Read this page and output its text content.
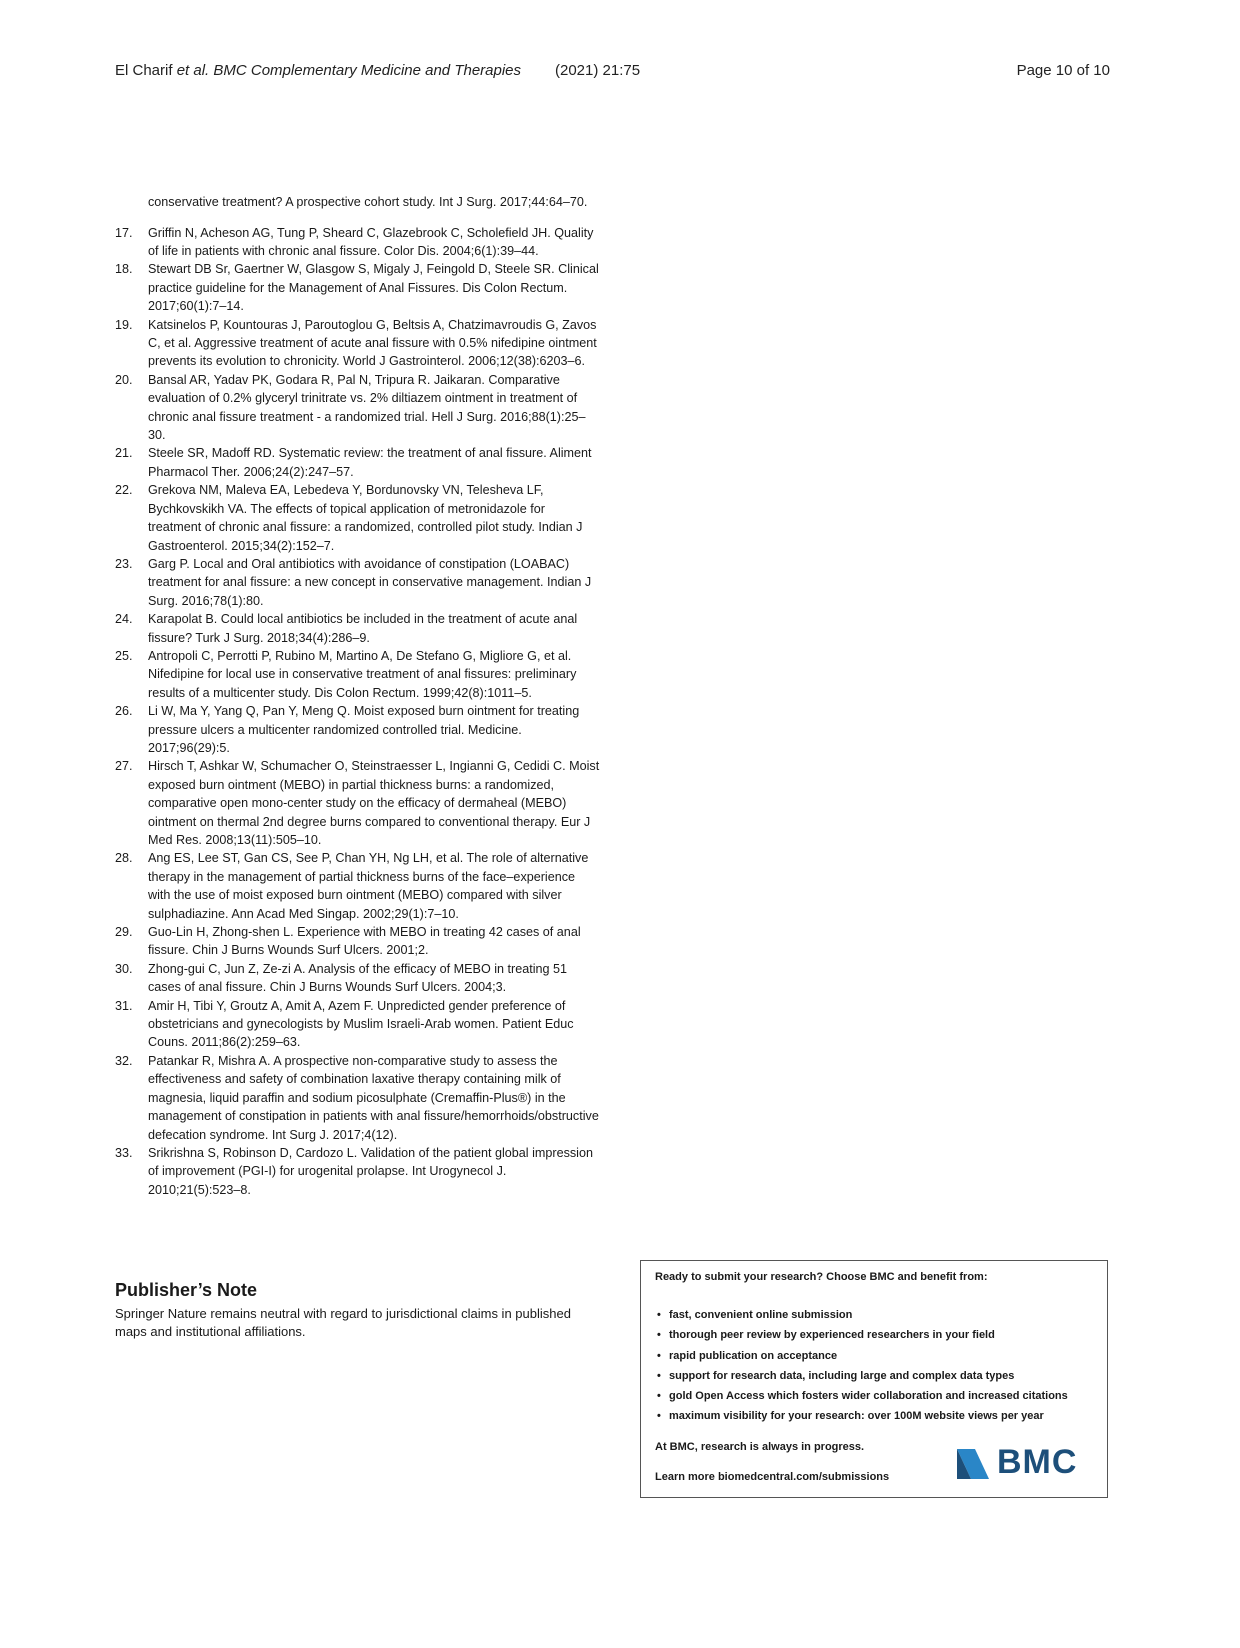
El Charif et al. BMC Complementary Medicine and Therapies (2021) 21:75	Page 10 of 10

conservative treatment? A prospective cohort study. Int J Surg. 2017;44:64–70.

17. Griffin N, Acheson AG, Tung P, Sheard C, Glazebrook C, Scholefield JH. Quality of life in patients with chronic anal fissure. Color Dis. 2004;6(1):39–44.

18. Stewart DB Sr, Gaertner W, Glasgow S, Migaly J, Feingold D, Steele SR. Clinical practice guideline for the Management of Anal Fissures. Dis Colon Rectum. 2017;60(1):7–14.

19. Katsinelos P, Kountouras J, Paroutoglou G, Beltsis A, Chatzimavroudis G, Zavos C, et al. Aggressive treatment of acute anal fissure with 0.5% nifedipine ointment prevents its evolution to chronicity. World J Gastrointerol. 2006;12(38):6203–6.

20. Bansal AR, Yadav PK, Godara R, Pal N, Tripura R. Jaikaran. Comparative evaluation of 0.2% glyceryl trinitrate vs. 2% diltiazem ointment in treatment of chronic anal fissure treatment - a randomized trial. Hell J Surg. 2016;88(1):25–30.

21. Steele SR, Madoff RD. Systematic review: the treatment of anal fissure. Aliment Pharmacol Ther. 2006;24(2):247–57.

22. Grekova NM, Maleva EA, Lebedeva Y, Bordunovsky VN, Telesheva LF, Bychkovskikh VA. The effects of topical application of metronidazole for treatment of chronic anal fissure: a randomized, controlled pilot study. Indian J Gastroenterol. 2015;34(2):152–7.

23. Garg P. Local and Oral antibiotics with avoidance of constipation (LOABAC) treatment for anal fissure: a new concept in conservative management. Indian J Surg. 2016;78(1):80.

24. Karapolat B. Could local antibiotics be included in the treatment of acute anal fissure? Turk J Surg. 2018;34(4):286–9.

25. Antropoli C, Perrotti P, Rubino M, Martino A, De Stefano G, Migliore G, et al. Nifedipine for local use in conservative treatment of anal fissures: preliminary results of a multicenter study. Dis Colon Rectum. 1999;42(8):1011–5.

26. Li W, Ma Y, Yang Q, Pan Y, Meng Q. Moist exposed burn ointment for treating pressure ulcers a multicenter randomized controlled trial. Medicine. 2017;96(29):5.

27. Hirsch T, Ashkar W, Schumacher O, Steinstraesser L, Ingianni G, Cedidi C. Moist exposed burn ointment (MEBO) in partial thickness burns: a randomized, comparative open mono-center study on the efficacy of dermaheal (MEBO) ointment on thermal 2nd degree burns compared to conventional therapy. Eur J Med Res. 2008;13(11):505–10.

28. Ang ES, Lee ST, Gan CS, See P, Chan YH, Ng LH, et al. The role of alternative therapy in the management of partial thickness burns of the face–experience with the use of moist exposed burn ointment (MEBO) compared with silver sulphadiazine. Ann Acad Med Singap. 2002;29(1):7–10.

29. Guo-Lin H, Zhong-shen L. Experience with MEBO in treating 42 cases of anal fissure. Chin J Burns Wounds Surf Ulcers. 2001;2.

30. Zhong-gui C, Jun Z, Ze-zi A. Analysis of the efficacy of MEBO in treating 51 cases of anal fissure. Chin J Burns Wounds Surf Ulcers. 2004;3.

31. Amir H, Tibi Y, Groutz A, Amit A, Azem F. Unpredicted gender preference of obstetricians and gynecologists by Muslim Israeli-Arab women. Patient Educ Couns. 2011;86(2):259–63.

32. Patankar R, Mishra A. A prospective non-comparative study to assess the effectiveness and safety of combination laxative therapy containing milk of magnesia, liquid paraffin and sodium picosulphate (Cremaffin-Plus®) in the management of constipation in patients with anal fissure/hemorrhoids/obstructive defecation syndrome. Int Surg J. 2017;4(12).

33. Srikrishna S, Robinson D, Cardozo L. Validation of the patient global impression of improvement (PGI-I) for urogenital prolapse. Int Urogynecol J. 2010;21(5):523–8.

Publisher’s Note

Springer Nature remains neutral with regard to jurisdictional claims in published maps and institutional affiliations.

Ready to submit your research? Choose BMC and benefit from:

• fast, convenient online submission
• thorough peer review by experienced researchers in your field
• rapid publication on acceptance
• support for research data, including large and complex data types
• gold Open Access which fosters wider collaboration and increased citations
• maximum visibility for your research: over 100M website views per year
At BMC, research is always in progress.
Learn more biomedcentral.com/submissions	BMC
